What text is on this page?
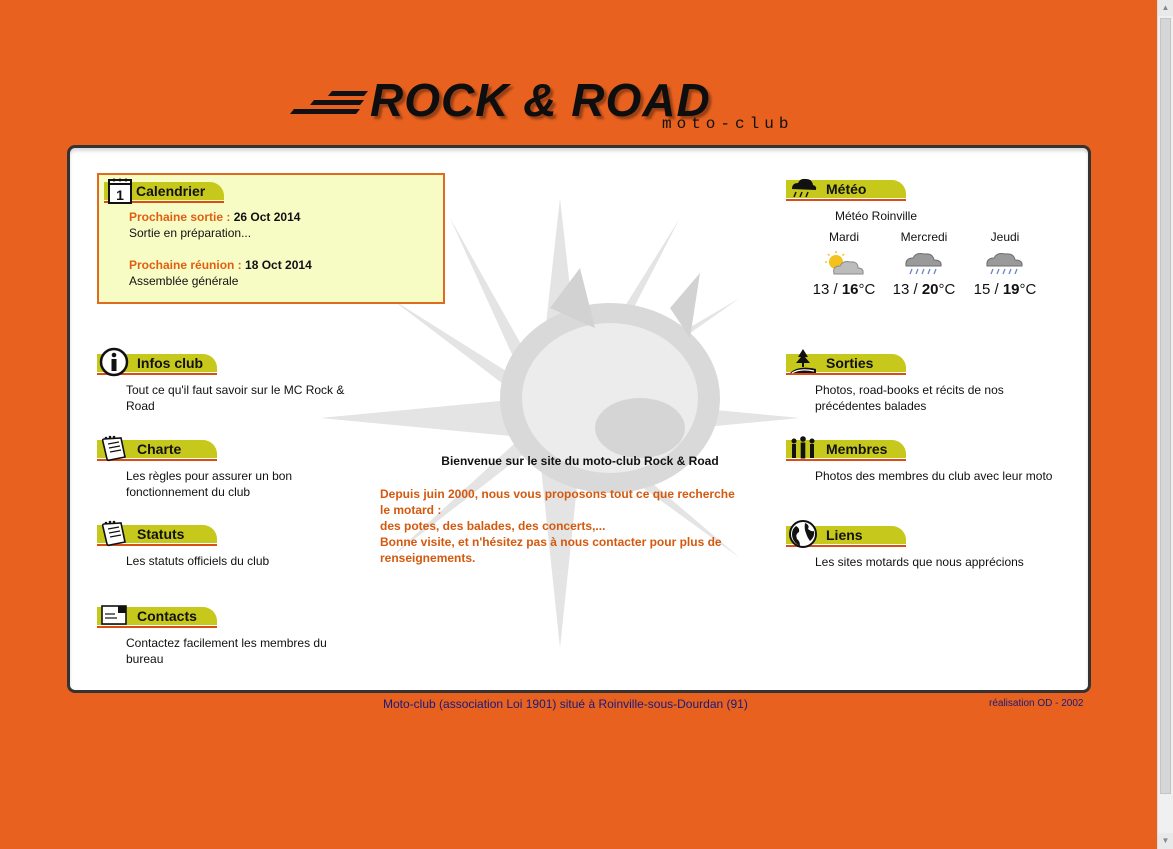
ROCK & ROAD
moto-club
1 Calendrier
Prochaine sortie : 26 Oct 2014
Sortie en préparation...
Prochaine réunion : 18 Oct 2014
Assemblée générale
Infos club
Tout ce qu'il faut savoir sur le MC Rock & Road
Charte
Les règles pour assurer un bon fonctionnement du club
Statuts
Les statuts officiels du club
Contacts
Contactez facilement les membres du bureau
Météo
Météo Roinville
Mardi	Mercredi	Jeudi
13 / 16°C	13 / 20°C	15 / 19°C
Sorties
Photos, road-books et récits de nos précédentes balades
Membres
Photos des membres du club avec leur moto
Liens
Les sites motards que nous apprécions
Bienvenue sur le site du moto-club Rock & Road
Depuis juin 2000, nous vous proposons tout ce que recherche
le motard :
des potes, des balades, des concerts,...
Bonne visite, et n'hésitez pas à nous contacter pour plus de
renseignements.
Moto-club (association Loi 1901) situé à Roinville-sous-Dourdan (91)	réalisation OD - 2002
▲
▼
